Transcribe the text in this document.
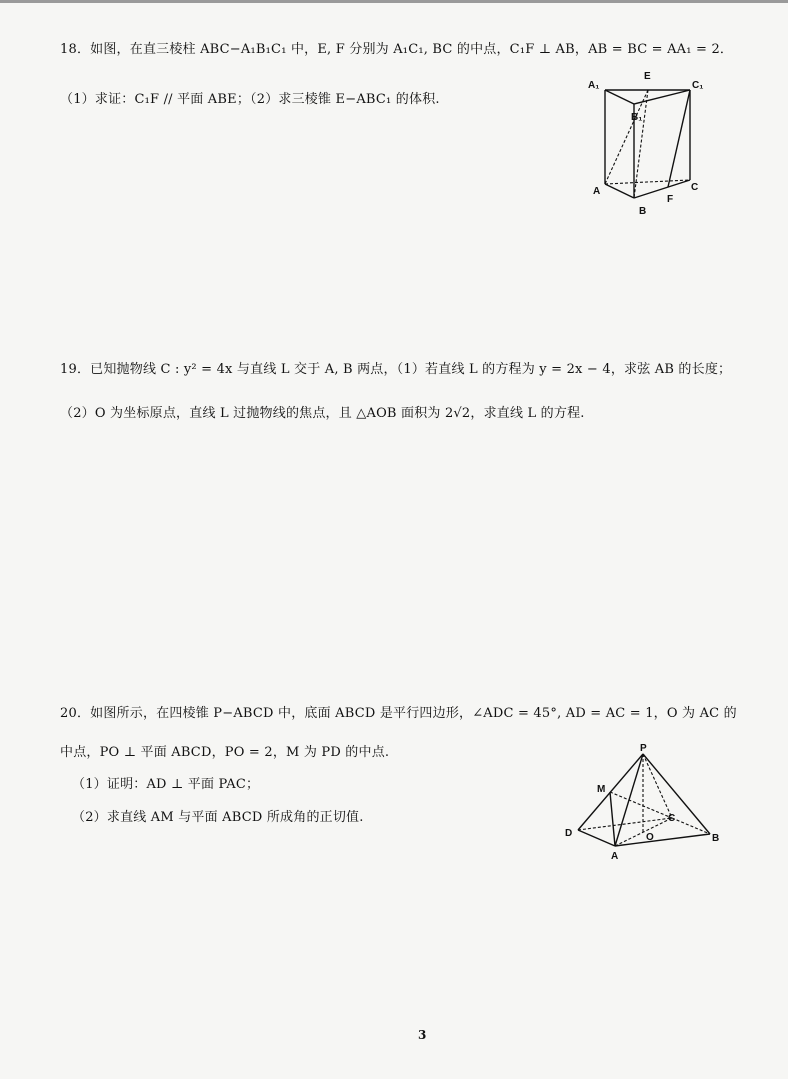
18．如图，在直三棱柱 ABC−A₁B₁C₁ 中，E, F 分别为 A₁C₁, BC 的中点，C₁F ⊥ AB，AB = BC = AA₁ = 2．
（1）求证：C₁F // 平面 ABE；（2）求三棱锥 E−ABC₁ 的体积.
A₁
E
C₁
B₁
A
B
C
F
19．已知抛物线 C : y² = 4x 与直线 L 交于 A, B 两点，（1）若直线 L 的方程为 y = 2x − 4，求弦 AB 的长度；
（2）O 为坐标原点，直线 L 过抛物线的焦点，且 △AOB 面积为 2√2，求直线 L 的方程.
20．如图所示，在四棱锥 P−ABCD 中，底面 ABCD 是平行四边形，∠ADC = 45°, AD = AC = 1，O 为 AC 的
中点，PO ⊥ 平面 ABCD，PO = 2，M 为 PD 的中点.
（1）证明：AD ⊥ 平面 PAC；
（2）求直线 AM 与平面 ABCD 所成角的正切值.
P
M
C
D	O	B
A
3
